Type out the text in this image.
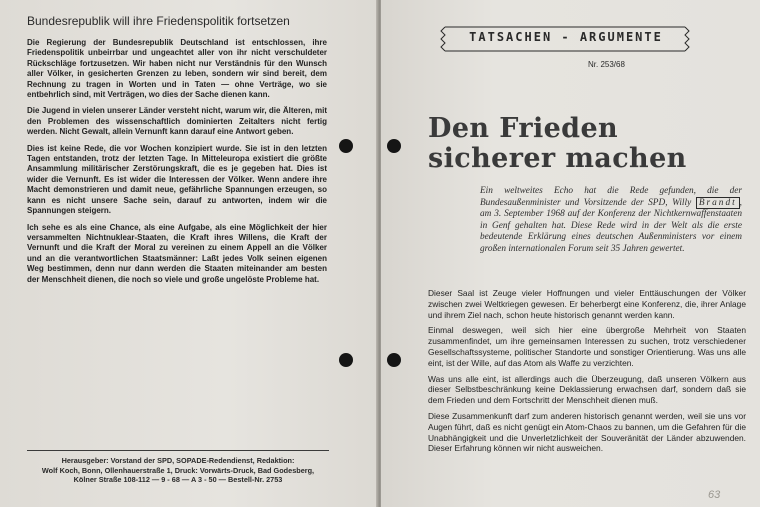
Bundesrepublik will ihre Friedenspolitik fortsetzen

Die Regierung der Bundesrepublik Deutschland ist entschlossen, ihre Friedenspolitik unbeirrbar und ungeachtet aller von ihr nicht verschuldeter Rückschläge fortzusetzen. Wir haben nicht nur Verständnis für den Wunsch aller Völker, in gesicherten Grenzen zu leben, sondern wir sind bereit, dem Rechnung zu tragen in Worten und in Taten — ohne Verträge, wo sie entbehrlich sind, mit Verträgen, wo dies der Sache dienen kann.

Die Jugend in vielen unserer Länder versteht nicht, warum wir, die Älteren, mit den Problemen des wissenschaftlich dominierten Zeitalters nicht fertig werden. Nicht Gewalt, allein Vernunft kann darauf eine Antwort geben.

Dies ist keine Rede, die vor Wochen konzipiert wurde. Sie ist in den letzten Tagen entstanden, trotz der letzten Tage. In Mitteleuropa existiert die größte Ansammlung militärischer Zerstörungskraft, die es je gegeben hat. Dies ist wider die Vernunft. Es ist wider die Interessen der Völker. Wenn andere ihre Macht demonstrieren und damit neue, gefährliche Spannungen erzeugen, so kann es nicht unsere Sache sein, darauf zu antworten, indem wir die Spannungen steigern.

Ich sehe es als eine Chance, als eine Aufgabe, als eine Möglichkeit der hier versammelten Nichtnuklear-Staaten, die Kraft ihres Willens, die Kraft der Vernunft und die Kraft der Moral zu vereinen zu einem Appell an die Völker und an die verantwortlichen Staatsmänner: Laßt jedes Volk seinen eigenen Weg bestimmen, denn nur dann werden die Staaten miteinander am besten der Menschheit dienen, die noch so viele und große ungelöste Probleme hat.

Herausgeber: Vorstand der SPD, SOPADE-Redendienst, Redaktion:
Wolf Koch, Bonn, Ollenhauerstraße 1, Druck: Vorwärts-Druck, Bad Godesberg,
Kölner Straße 108-112 — 9 - 68 — A 3 - 50 — Bestell-Nr. 2753
TATSACHEN - ARGUMENTE
Nr. 253/68
Den Frieden
sicherer machen
Ein weltweites Echo hat die Rede gefunden, die der Bundesaußenminister und Vorsitzende der SPD, Willy Brandt , am 3. September 1968 auf der Konferenz der Nichtkernwaffenstaaten in Genf gehalten hat. Diese Rede wird in der Welt als die erste bedeutende Erklärung eines deutschen Außenministers vor einem großen internationalen Forum seit 35 Jahren gewertet.

Dieser Saal ist Zeuge vieler Hoffnungen und vieler Enttäuschungen der Völker zwischen zwei Weltkriegen gewesen. Er beherbergt eine Konferenz, die, ihrer Anlage und ihrem Ziel nach, schon heute historisch genannt werden kann.

Einmal deswegen, weil sich hier eine übergroße Mehrheit von Staaten zusammenfindet, um ihre gemeinsamen Interessen zu suchen, trotz verschiedener Gesellschaftssysteme, politischer Standorte und sonstiger Orientierung. Was uns alle eint, ist der Wille, auf das Atom als Waffe zu verzichten.

Was uns alle eint, ist allerdings auch die Überzeugung, daß unseren Völkern aus dieser Selbstbeschränkung keine Deklassierung erwachsen darf, sondern daß sie dem Frieden und dem Fortschritt der Menschheit dienen muß.

Diese Zusammenkunft darf zum anderen historisch genannt werden, weil sie uns vor Augen führt, daß es nicht genügt ein Atom-Chaos zu bannen, um die Gefahren für die Unabhängigkeit und die Unverletzlichkeit der Souveränität der Länder abzuwenden. Dieser Erfahrung können wir nicht ausweichen.

63
